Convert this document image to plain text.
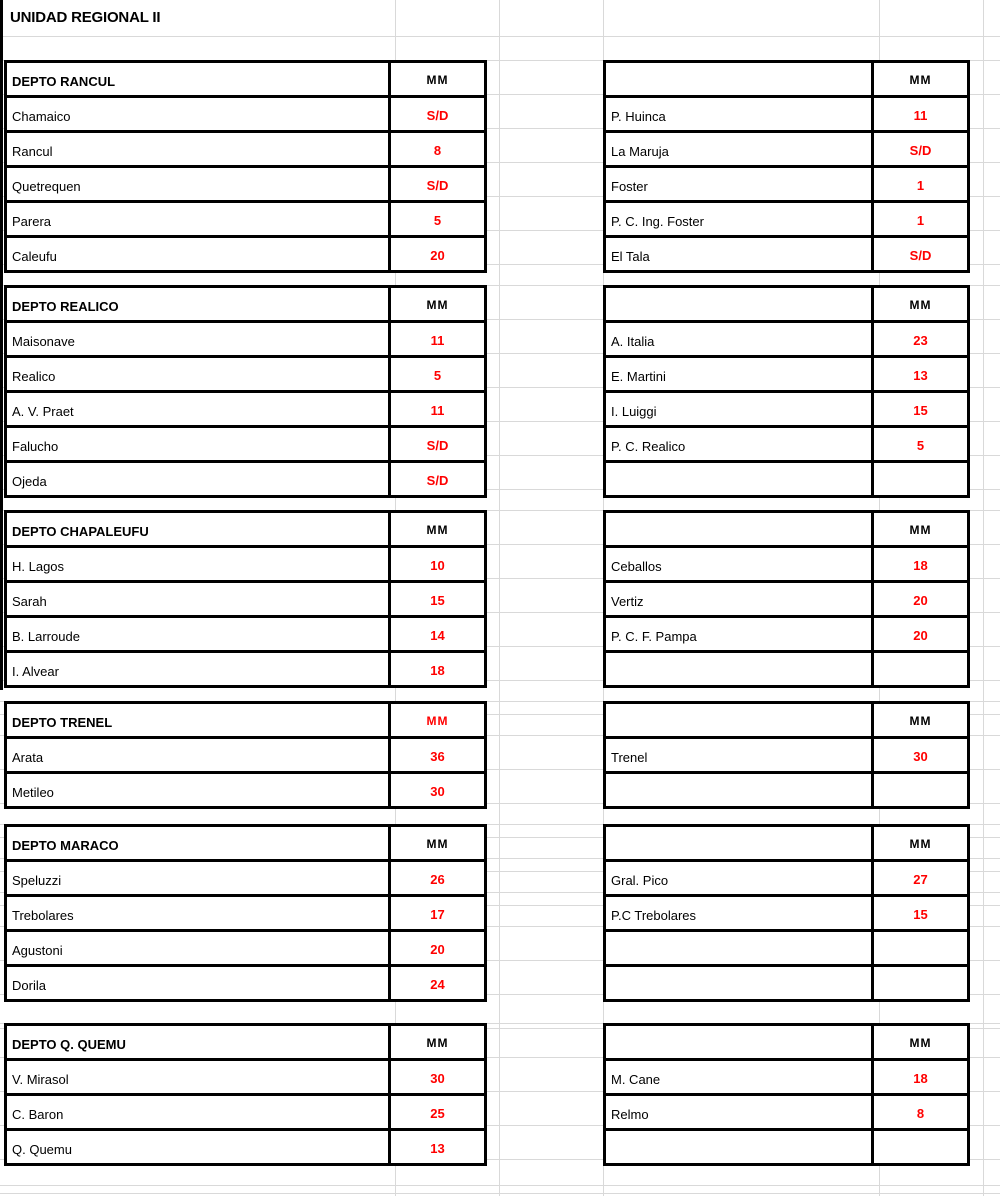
UNIDAD REGIONAL II
DEPTO RANCUL	MM
Chamaico	S/D
Rancul	8
Quetrequen	S/D
Parera	5
Caleufu	20
	MM
P. Huinca	11
La Maruja	S/D
Foster	1
P. C. Ing. Foster	1
El Tala	S/D
DEPTO REALICO	MM
Maisonave	11
Realico	5
A. V. Praet	11
Falucho	S/D
Ojeda	S/D
	MM
A. Italia	23
E. Martini	13
I. Luiggi	15
P. C. Realico	5

DEPTO CHAPALEUFU	MM
H. Lagos	10
Sarah	15
B. Larroude	14
I. Alvear	18
	MM
Ceballos	18
Vertiz	20
P. C. F. Pampa	20

DEPTO TRENEL	MM
Arata	36
Metileo	30
	MM
Trenel	30

DEPTO MARACO	MM
Speluzzi	26
Trebolares	17
Agustoni	20
Dorila	24
	MM
Gral. Pico	27
P.C Trebolares	15

DEPTO Q. QUEMU	MM
V. Mirasol	30
C. Baron	25
Q. Quemu	13
	MM
M. Cane	18
Relmo	8
